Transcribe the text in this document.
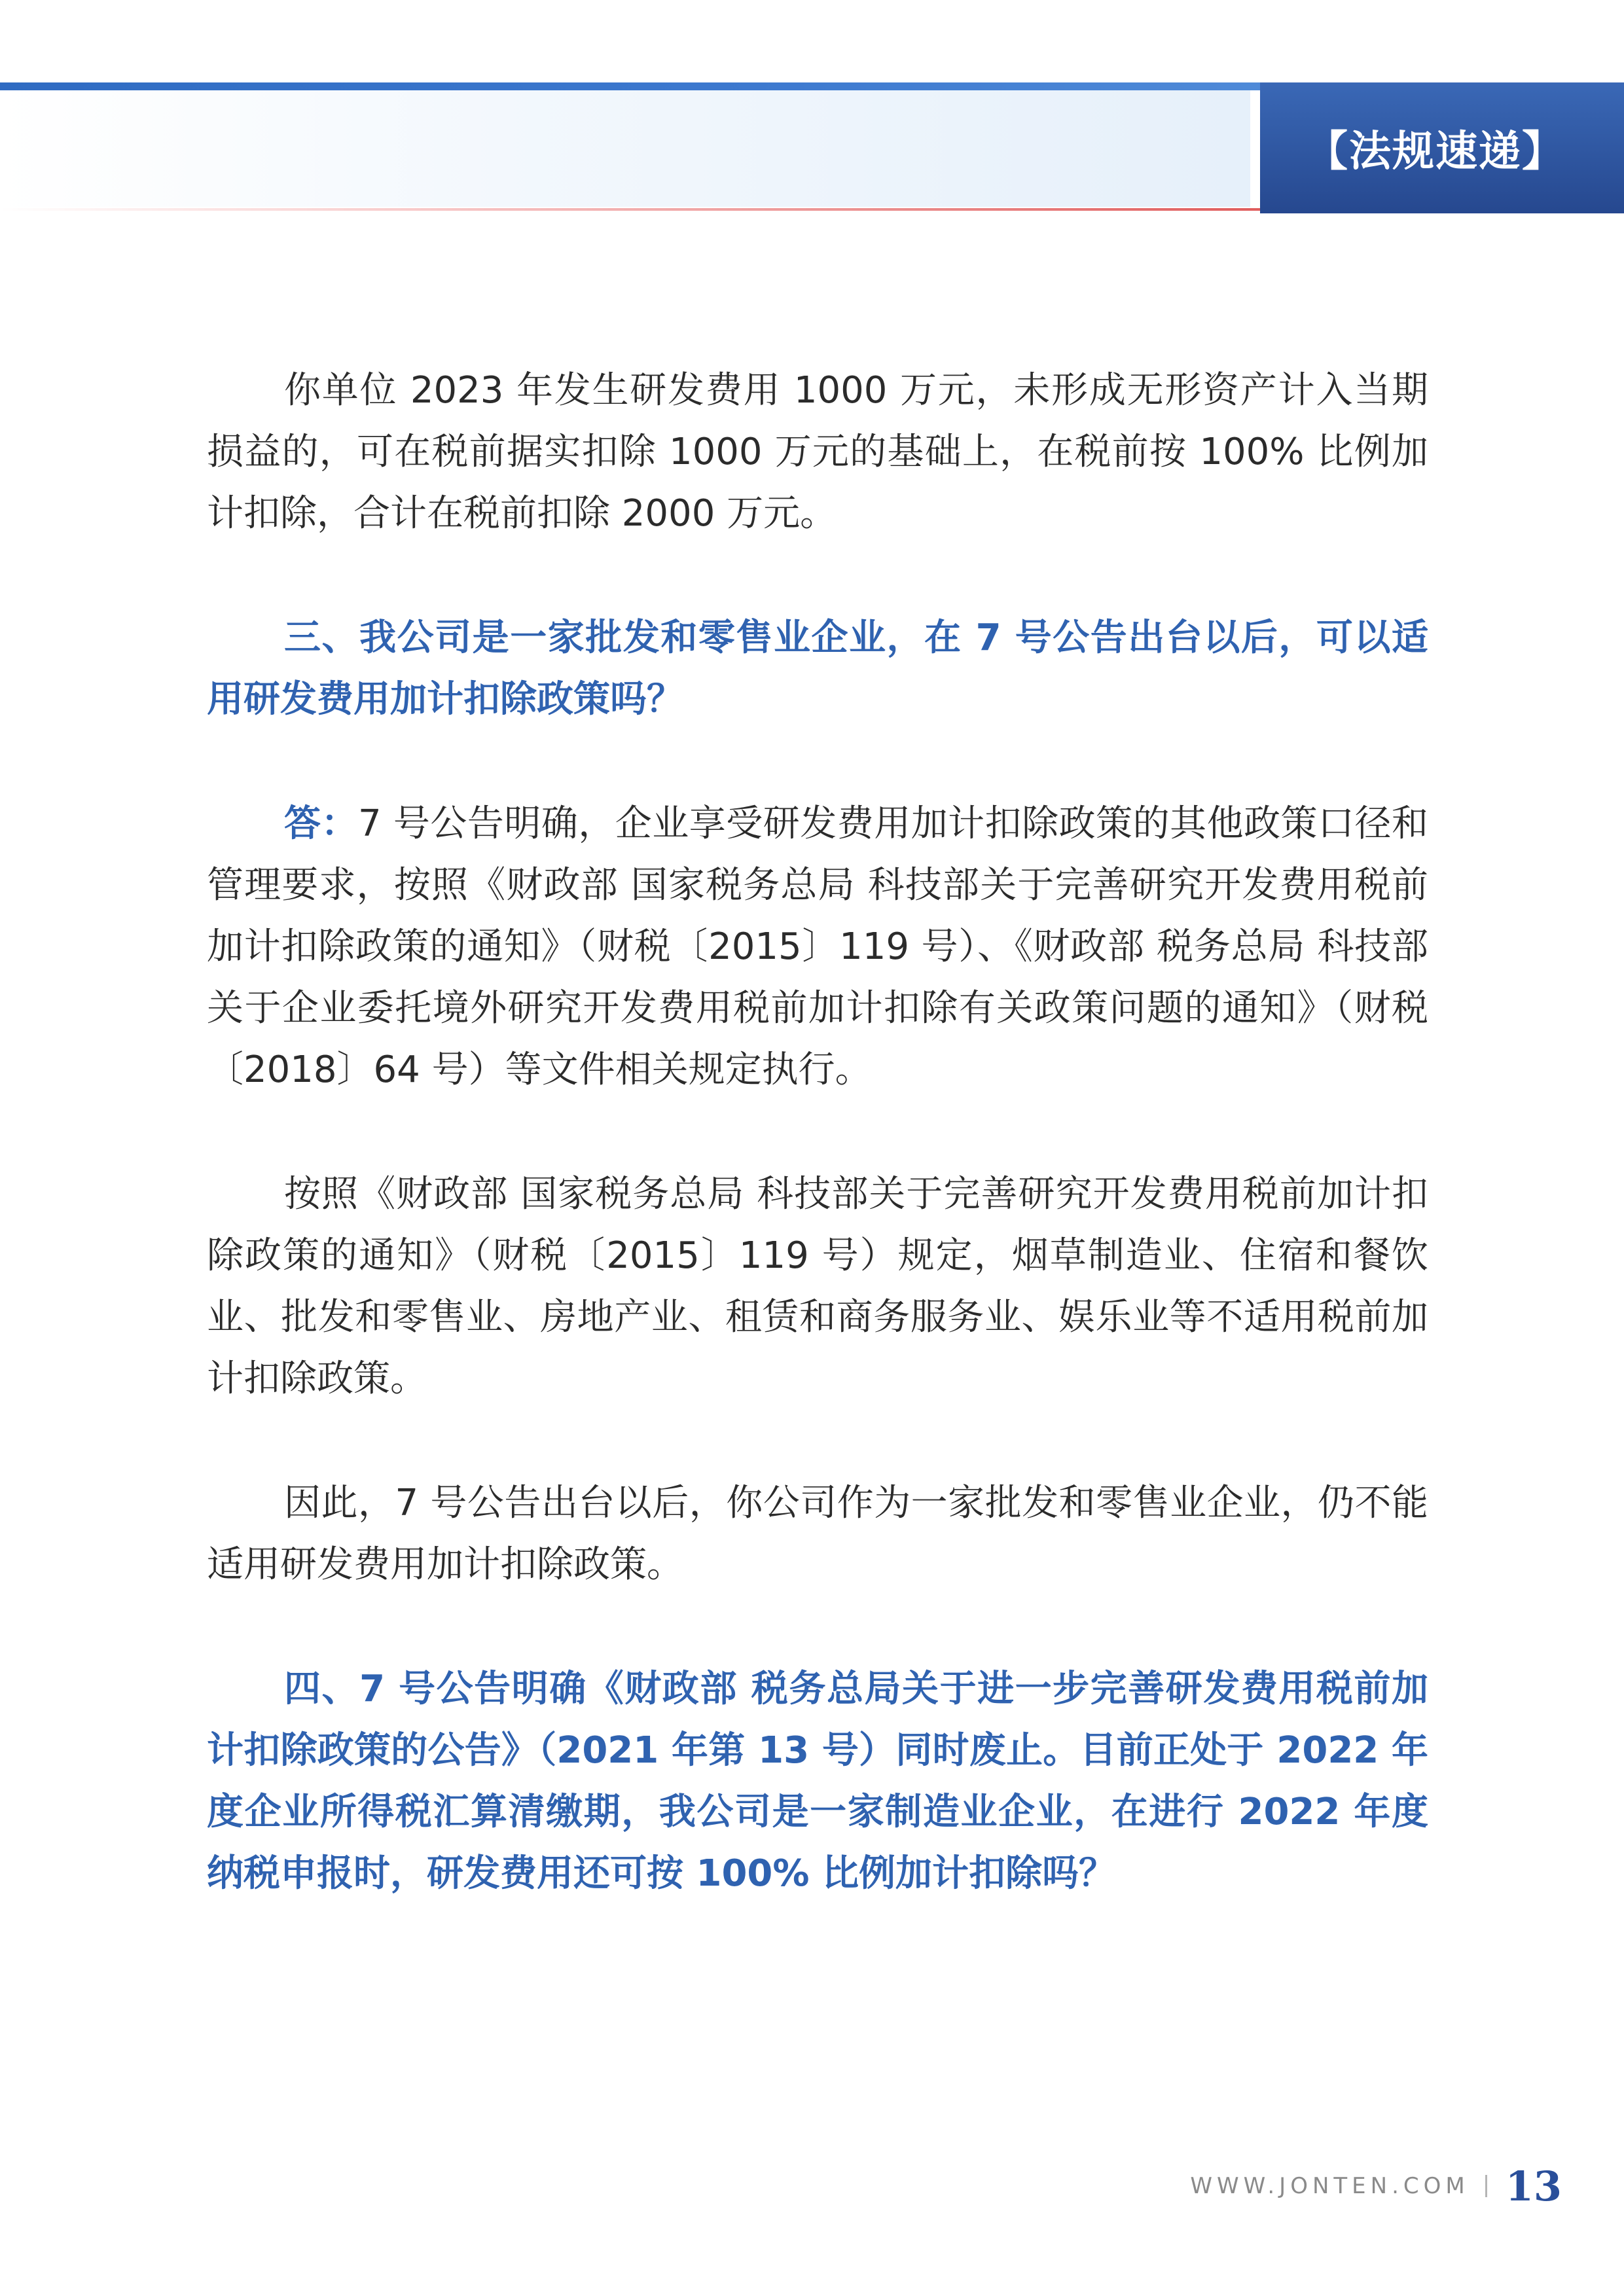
【法规速递】

你单位 2023 年发生研发费用 1000 万元，未形成无形资产计入当期损益的，可在税前据实扣除 1000 万元的基础上，在税前按 100% 比例加计扣除，合计在税前扣除 2000 万元。

三、我公司是一家批发和零售业企业，在 7 号公告出台以后，可以适用研发费用加计扣除政策吗？

答：7 号公告明确，企业享受研发费用加计扣除政策的其他政策口径和管理要求，按照《财政部 国家税务总局 科技部关于完善研究开发费用税前加计扣除政策的通知》（财税〔2015〕119 号）、《财政部 税务总局 科技部关于企业委托境外研究开发费用税前加计扣除有关政策问题的通知》（财税〔2018〕64 号）等文件相关规定执行。

按照《财政部 国家税务总局 科技部关于完善研究开发费用税前加计扣除政策的通知》（财税〔2015〕119 号）规定，烟草制造业、住宿和餐饮业、批发和零售业、房地产业、租赁和商务服务业、娱乐业等不适用税前加计扣除政策。

因此，7 号公告出台以后，你公司作为一家批发和零售业企业，仍不能适用研发费用加计扣除政策。

四、7 号公告明确《财政部 税务总局关于进一步完善研发费用税前加计扣除政策的公告》（2021 年第 13 号）同时废止。目前正处于 2022 年度企业所得税汇算清缴期，我公司是一家制造业企业，在进行 2022 年度纳税申报时，研发费用还可按 100% 比例加计扣除吗？

WWW.JONTEN.COM 13
